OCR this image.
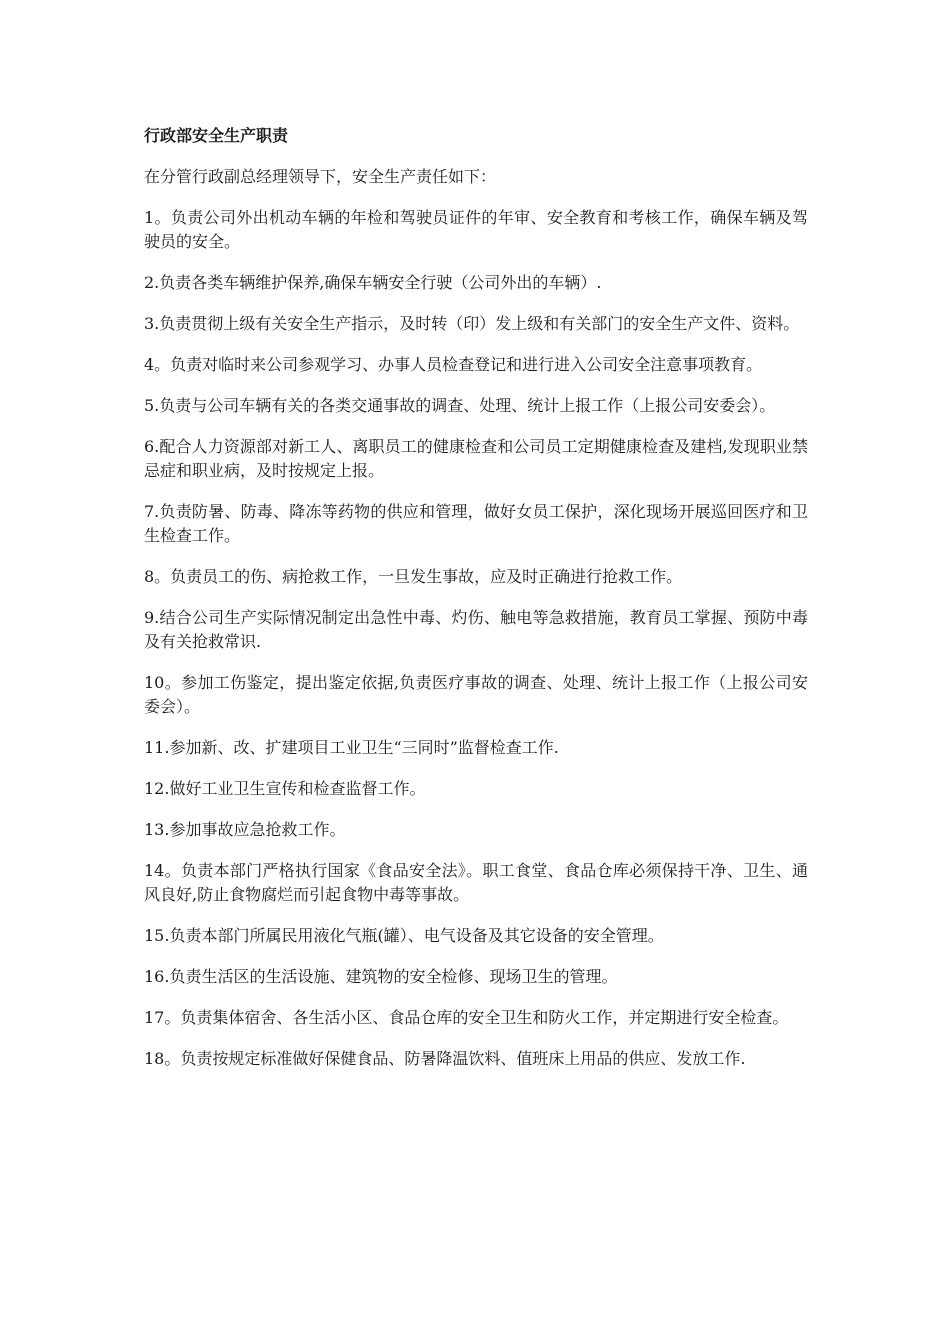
行政部安全生产职责

在分管行政副总经理领导下，安全生产责任如下：

1。负责公司外出机动车辆的年检和驾驶员证件的年审、安全教育和考核工作，确保车辆及驾驶员的安全。

2.负责各类车辆维护保养,确保车辆安全行驶（公司外出的车辆）.

3.负责贯彻上级有关安全生产指示，及时转（印）发上级和有关部门的安全生产文件、资料。

4。负责对临时来公司参观学习、办事人员检查登记和进行进入公司安全注意事项教育。

5.负责与公司车辆有关的各类交通事故的调查、处理、统计上报工作（上报公司安委会）。

6.配合人力资源部对新工人、离职员工的健康检查和公司员工定期健康检查及建档,发现职业禁忌症和职业病，及时按规定上报。

7.负责防暑、防毒、降冻等药物的供应和管理，做好女员工保护，深化现场开展巡回医疗和卫生检查工作。

8。负责员工的伤、病抢救工作，一旦发生事故，应及时正确进行抢救工作。

9.结合公司生产实际情况制定出急性中毒、灼伤、触电等急救措施，教育员工掌握、预防中毒及有关抢救常识.

10。参加工伤鉴定，提出鉴定依据,负责医疗事故的调查、处理、统计上报工作（上报公司安委会）。

11.参加新、改、扩建项目工业卫生“三同时”监督检查工作.

12.做好工业卫生宣传和检查监督工作。

13.参加事故应急抢救工作。

14。负责本部门严格执行国家《食品安全法》。职工食堂、食品仓库必须保持干净、卫生、通风良好,防止食物腐烂而引起食物中毒等事故。

15.负责本部门所属民用液化气瓶(罐）、电气设备及其它设备的安全管理。

16.负责生活区的生活设施、建筑物的安全检修、现场卫生的管理。

17。负责集体宿舍、各生活小区、食品仓库的安全卫生和防火工作，并定期进行安全检查。

18。负责按规定标准做好保健食品、防暑降温饮料、值班床上用品的供应、发放工作.
